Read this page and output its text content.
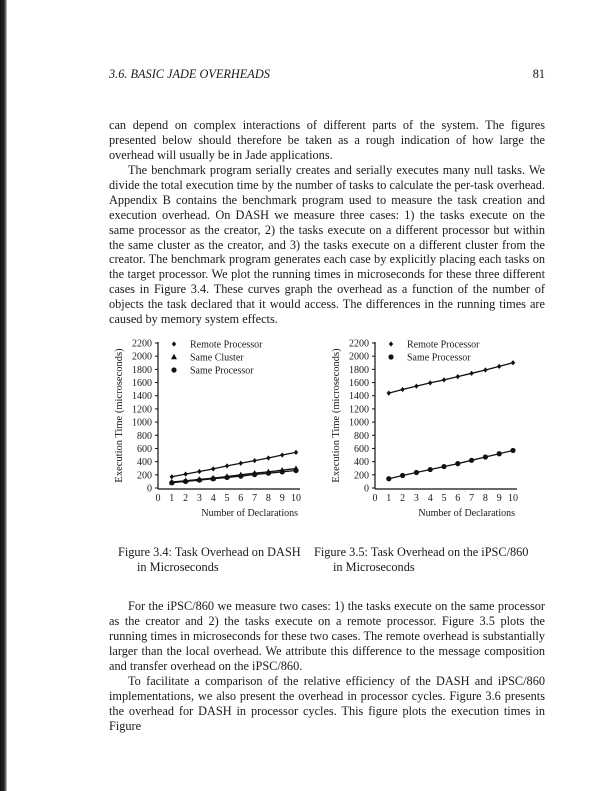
3.6. BASIC JADE OVERHEADS	81

can depend on complex interactions of different parts of the system. The figures presented below should therefore be taken as a rough indication of how large the overhead will usually be in Jade applications.

The benchmark program serially creates and serially executes many null tasks. We divide the total execution time by the number of tasks to calculate the per-task overhead. Appendix B contains the benchmark program used to measure the task creation and execution overhead. On DASH we measure three cases: 1) the tasks execute on the same processor as the creator, 2) the tasks execute on a different processor but within the same cluster as the creator, and 3) the tasks execute on a different cluster from the creator. The benchmark program generates each case by explicitly placing each tasks on the target processor. We plot the running times in microseconds for these three different cases in Figure 3.4. These curves graph the overhead as a function of the number of objects the task declared that it would access. The differences in the running times are caused by memory system effects.

0
200
400
600
800
1000
1200
1400
1600
1800
2000
2200
0 1 2 3 4 5 6 7 8 9 10
Number of Declarations
Execution Time (microseconds)
Remote Processor
Same Cluster
Same Processor
0
200
400
600
800
1000
1200
1400
1600
1800
2000
2200
0 1 2 3 4 5 6 7 8 9 10
Number of Declarations
Execution Time (microseconds)
Remote Processor
Same Processor
Figure 3.4: Task Overhead on DASH
in Microseconds
Figure 3.5: Task Overhead on the iPSC/860
in Microseconds

For the iPSC/860 we measure two cases: 1) the tasks execute on the same processor as the creator and 2) the tasks execute on a remote processor. Figure 3.5 plots the running times in microseconds for these two cases. The remote overhead is substantially larger than the local overhead. We attribute this difference to the message composition and transfer overhead on the iPSC/860.

To facilitate a comparison of the relative efficiency of the DASH and iPSC/860 implementations, we also present the overhead in processor cycles. Figure 3.6 presents the overhead for DASH in processor cycles. This figure plots the execution times in Figure
